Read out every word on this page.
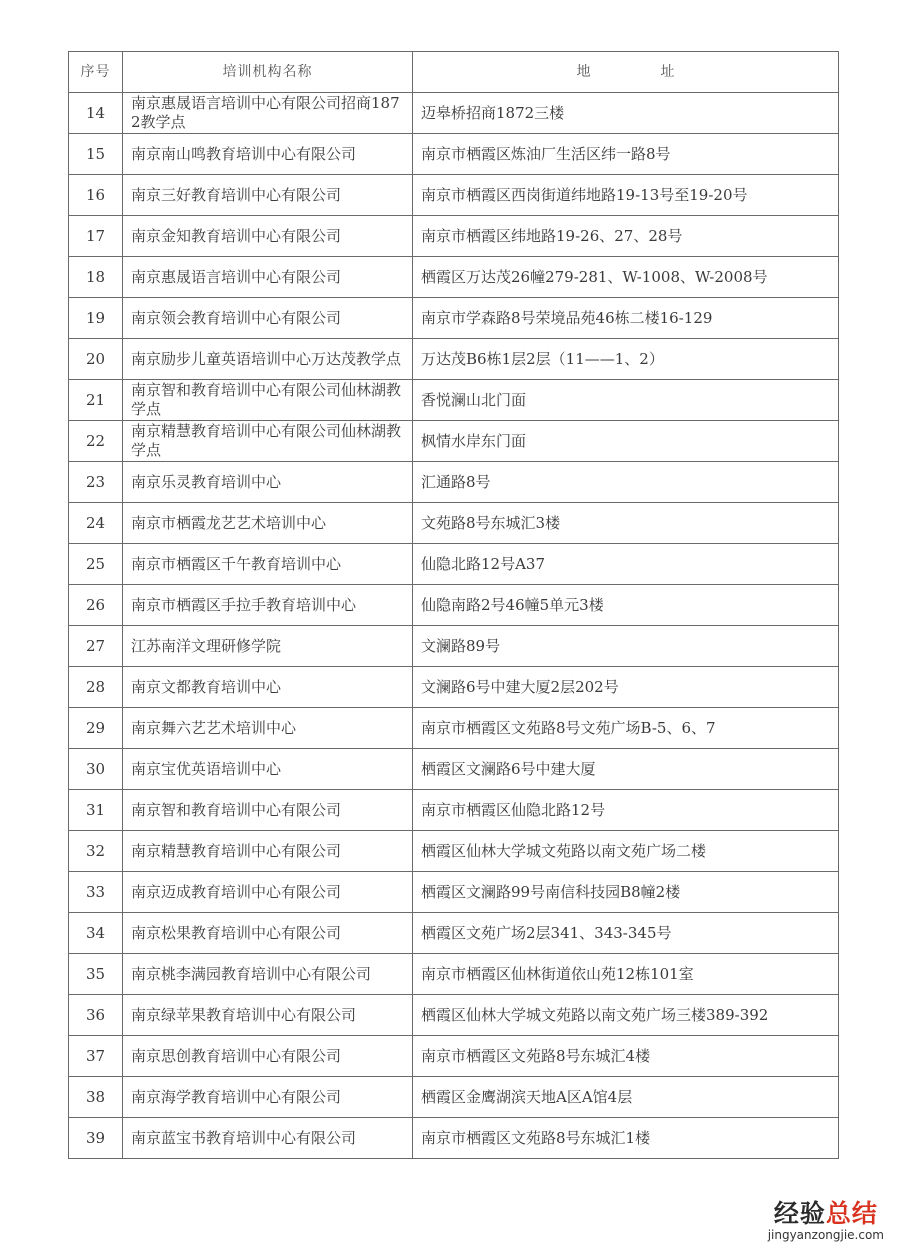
序号	培训机构名称	地　址
14	南京惠晟语言培训中心有限公司招商1872教学点	迈皋桥招商1872三楼
15	南京南山鸣教育培训中心有限公司	南京市栖霞区炼油厂生活区纬一路8号
16	南京三好教育培训中心有限公司	南京市栖霞区西岗街道纬地路19-13号至19-20号
17	南京金知教育培训中心有限公司	南京市栖霞区纬地路19-26、27、28号
18	南京惠晟语言培训中心有限公司	栖霞区万达茂26幢279-281、W-1008、W-2008号
19	南京领会教育培训中心有限公司	南京市学森路8号荣境品苑46栋二楼16-129
20	南京励步儿童英语培训中心万达茂教学点	万达茂B6栋1层2层（11——1、2）
21	南京智和教育培训中心有限公司仙林湖教学点	香悦澜山北门面
22	南京精慧教育培训中心有限公司仙林湖教学点	枫情水岸东门面
23	南京乐灵教育培训中心	汇通路8号
24	南京市栖霞龙艺艺术培训中心	文苑路8号东城汇3楼
25	南京市栖霞区千午教育培训中心	仙隐北路12号A37
26	南京市栖霞区手拉手教育培训中心	仙隐南路2号46幢5单元3楼
27	江苏南洋文理研修学院	文澜路89号
28	南京文都教育培训中心	文澜路6号中建大厦2层202号
29	南京舞六艺艺术培训中心	南京市栖霞区文苑路8号文苑广场B-5、6、7
30	南京宝优英语培训中心	栖霞区文澜路6号中建大厦
31	南京智和教育培训中心有限公司	南京市栖霞区仙隐北路12号
32	南京精慧教育培训中心有限公司	栖霞区仙林大学城文苑路以南文苑广场二楼
33	南京迈成教育培训中心有限公司	栖霞区文澜路99号南信科技园B8幢2楼
34	南京松果教育培训中心有限公司	栖霞区文苑广场2层341、343-345号
35	南京桃李满园教育培训中心有限公司	南京市栖霞区仙林街道依山苑12栋101室
36	南京绿苹果教育培训中心有限公司	栖霞区仙林大学城文苑路以南文苑广场三楼389-392
37	南京思创教育培训中心有限公司	南京市栖霞区文苑路8号东城汇4楼
38	南京海学教育培训中心有限公司	栖霞区金鹰湖滨天地A区A馆4层
39	南京蓝宝书教育培训中心有限公司	南京市栖霞区文苑路8号东城汇1楼
经验总结
jingyanzongjie.com
